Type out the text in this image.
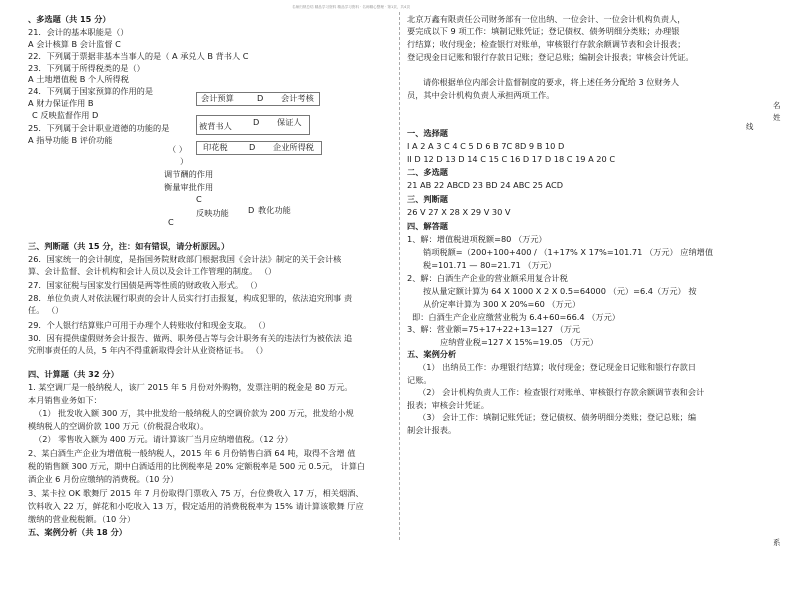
名师归纳总结 精品学习资料 精品学习资料 · 名师精心整理 · 第1页，共4页
、多选题（共 15 分）
21．会计的基本职能是（）
A 会计核算 B 会计监督 C
22．下列属于票据非基本当事人的是（ A 承兑人 B 背书人 C
23．下列属于所得税类的是（）
A 土地增值税 B 个人所得税
24．下列属于国家预算的作用的是
A 财力保证作用 B
C 反映监督作用 D
25．下列属于会计职业道德的功能的是
A 指导功能 B 评价功能
会计预算	D 会计考核
被背书人	D 保证人
印花税	D 企业所得税
（ ）
）
调节酬的作用
衡量审批作用
C
反映功能 D 教化功能
C
三、判断题（共 15 分，注：如有错误，请分析原因。）
26．国家统一的会计制度，是指国务院财政部门根据我国《会计法》制定的关于会计核
算、会计监督、会计机构和会计人员以及会计工作管理的制度。 （）
27．国家征税与国家发行国债是两等性质的财政收入形式。 （）
28．单位负责人对依法履行职责的会计人员实行打击报复，构成犯罪的，依法追究刑事 责
任。 （）
29．个人银行结算账户可用于办理个人转账收付和现金支取。 （）
30．因有提供虚假财务会计报告、做两、职务侵占等与会计职务有关的违法行为被依法 追
究刑事责任的人员，5 年内不得重新取得会计从业资格证书。 （）
四、计算题（共 32 分）
1. 某空调厂是一般纳税人，该厂 2015 年 5 月份对外购物，发票注明的税金是 80 万元。
本月销售业务如下：
（1） 批发收入额 300 万，其中批发给一般纳税人的空调价款为 200 万元，批发给小规
模纳税人的空调价款 100 万元（价税混合收取）。
（2） 零售收入额为 400 万元。请计算该厂当月应纳增值税。（12 分）
2、某白酒生产企业为增值税一般纳税人，2015 年 6 月份销售白酒 64 吨，取得不含增 值
税的销售额 300 万元，期中白酒适用的比例税率是 20% 定额税率是 500 元 0.5元， 计算白
酒企业 6 月份应缴纳的消费税。（10 分）
3、某卡拉 OK 歌舞厅 2015 年 7 月份取得门票收入 75 万，台位费收入 17 万，相关烟酒、
饮料收入 22 万，鲜花和小吃收入 13 万，假定适用的消费税税率为 15% 请计算该歌舞 厅应
缴纳的营业税税额。（10 分）
五、案例分析（共 18 分）
北京万鑫有限责任公司财务部有一位出纳、一位会计、一位会计机构负责人，
要完成以下 9 项工作：填制记账凭证；登记债权、债务明细分类账；办理银
行结算；收付现金；检查银行对账单，审核银行存款余额调节表和会计报表；
登记现金日记账和银行存款日记账；登记总账；编制会计报表；审核会计凭证。
请你根据单位内部会计监督制度的要求，将上述任务分配给 3 位财务人
员，其中会计机构负责人承担两项工作。
名
姓
线
系
一、选择题
I A 2 A 3 C 4 C 5 D 6 B 7C 8D 9 B 10 D
II D 12 D 13 D 14 C 15 C 16 D 17 D 18 C 19 A 20 C
二、多选题
21 AB 22 ABCD 23 BD 24 ABC 25 ACD
三、判断题
26 V 27 X 28 X 29 V 30 V
四、解答题
1、解：增值税进项税额=80 （万元）
销项税额=（200+100+400 / （1+17% X 17%=101.71 （万元） 应纳增值
税=101.71 — 80=21.71 （万元）
2、解：白酒生产企业的营业额采用复合计税
按从量定额计算为 64 X 1000 X 2 X 0.5=64000 （元）=6.4（万元） 按
从价定率计算为 300 X 20%=60 （万元）
即：白酒生产企业应缴营业税为 6.4+60=66.4 （万元）
3、解：营业额=75+17+22+13=127 （万元
应纳营业税=127 X 15%=19.05 （万元）
五、案例分析
（1） 出纳员工作：办理银行结算；收付现金；登记现金日记账和银行存款日
记账。
（2） 会计机构负责人工作：检查银行对账单、审核银行存款余额调节表和会计
报表；审核会计凭证。
（3） 会计工作：填制记账凭证；登记债权、债务明细分类账；登记总账；编
制会计报表。
